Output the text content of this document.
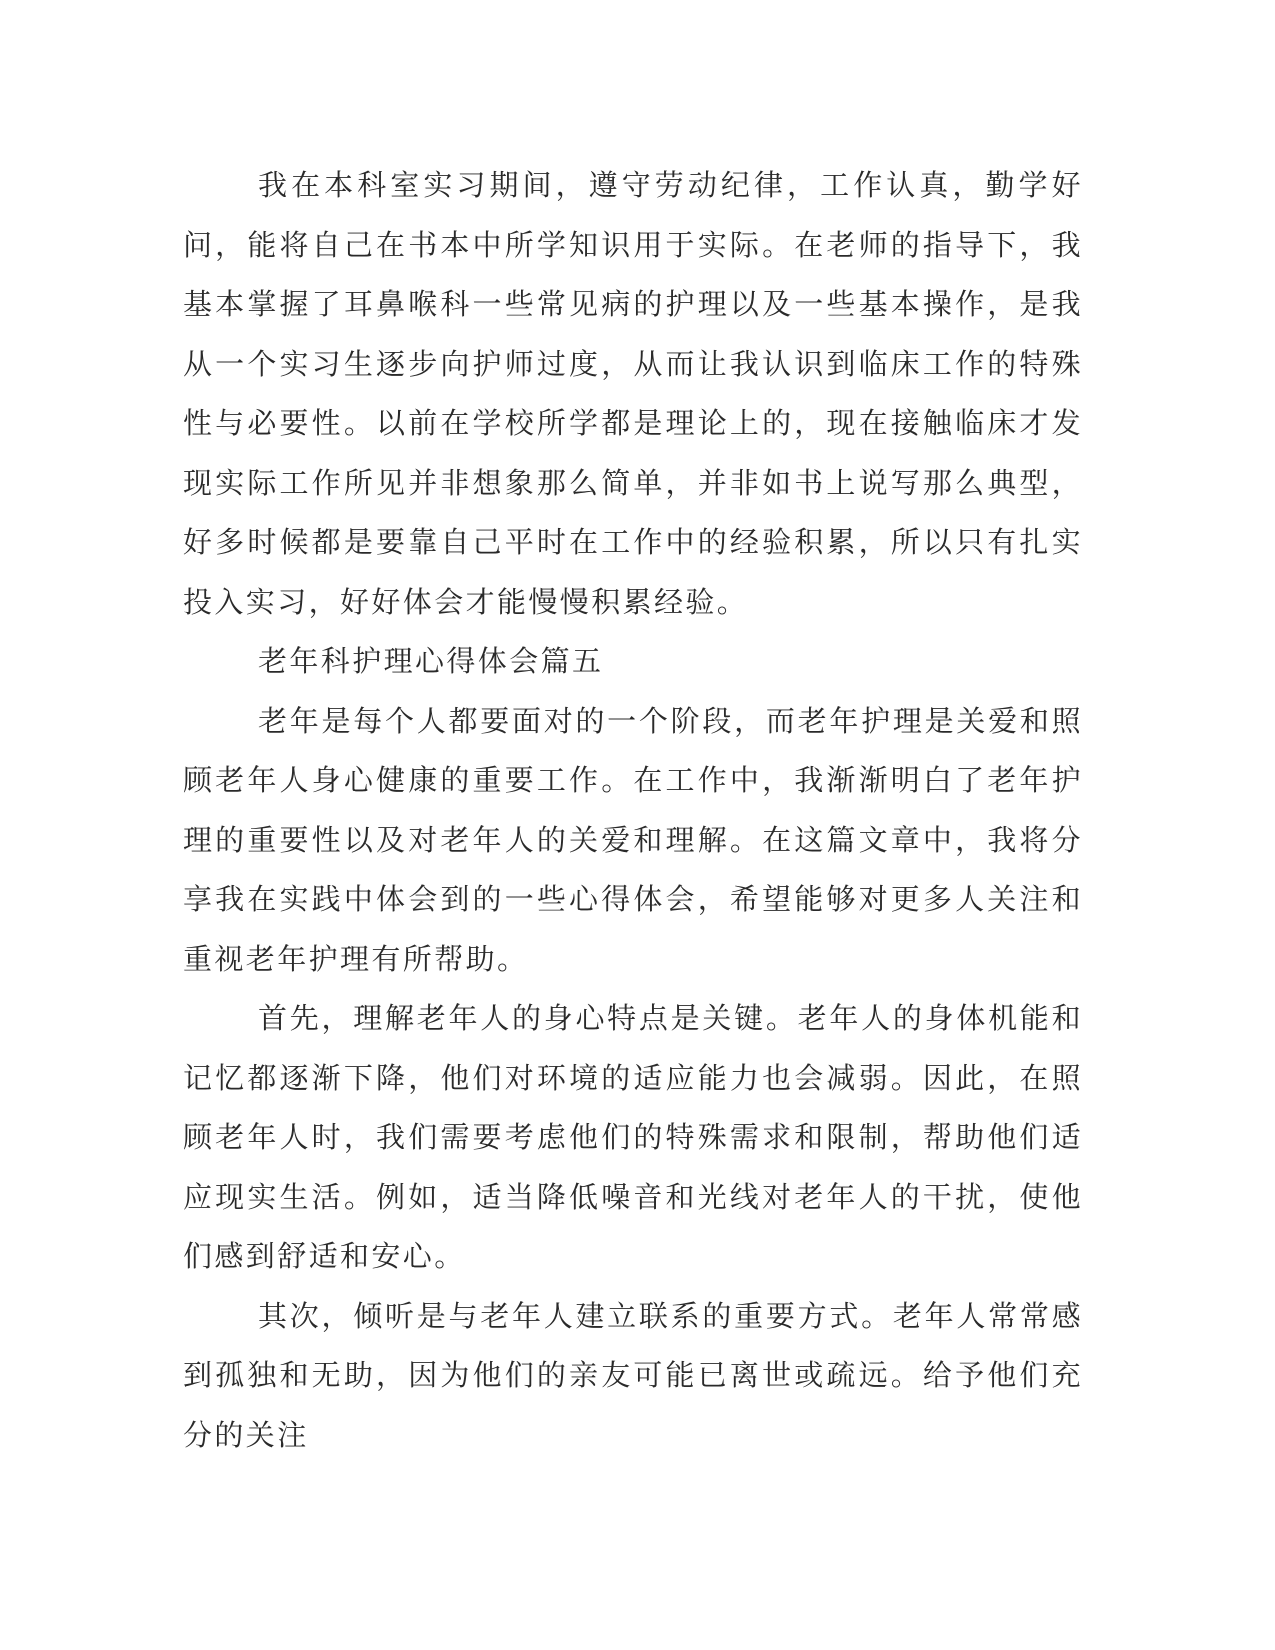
我在本科室实习期间，遵守劳动纪律，工作认真，勤学好问，能将自己在书本中所学知识用于实际。在老师的指导下，我基本掌握了耳鼻喉科一些常见病的护理以及一些基本操作，是我从一个实习生逐步向护师过度，从而让我认识到临床工作的特殊性与必要性。以前在学校所学都是理论上的，现在接触临床才发现实际工作所见并非想象那么简单，并非如书上说写那么典型，好多时候都是要靠自己平时在工作中的经验积累，所以只有扎实投入实习，好好体会才能慢慢积累经验。

老年科护理心得体会篇五

老年是每个人都要面对的一个阶段，而老年护理是关爱和照顾老年人身心健康的重要工作。在工作中，我渐渐明白了老年护理的重要性以及对老年人的关爱和理解。在这篇文章中，我将分享我在实践中体会到的一些心得体会，希望能够对更多人关注和重视老年护理有所帮助。

首先，理解老年人的身心特点是关键。老年人的身体机能和记忆都逐渐下降，他们对环境的适应能力也会减弱。因此，在照顾老年人时，我们需要考虑他们的特殊需求和限制，帮助他们适应现实生活。例如，适当降低噪音和光线对老年人的干扰，使他们感到舒适和安心。

其次，倾听是与老年人建立联系的重要方式。老年人常常感到孤独和无助，因为他们的亲友可能已离世或疏远。给予他们充分的关注
